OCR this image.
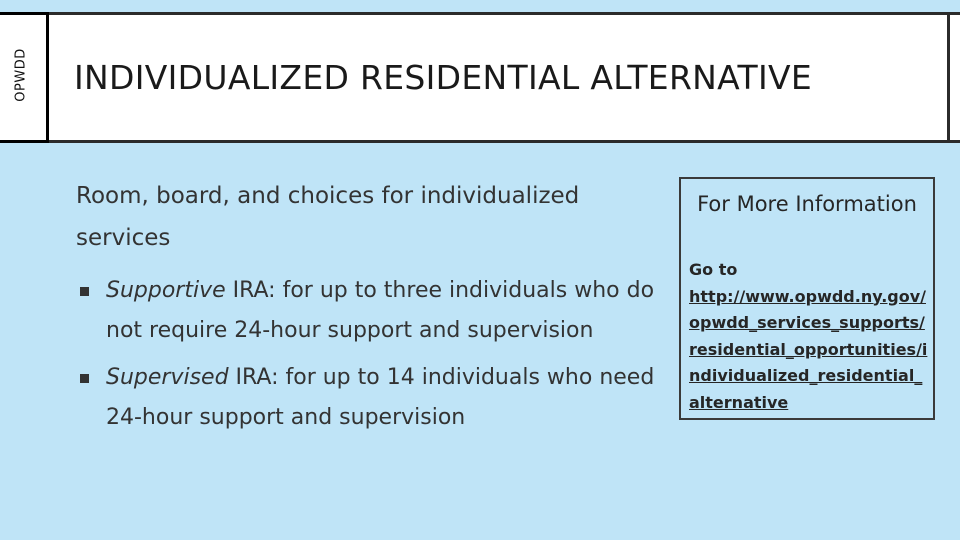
OPWDD INDIVIDUALIZED RESIDENTIAL ALTERNATIVE

Room, board, and choices for individualized services

Supportive IRA: for up to three individuals who do not require 24-hour support and supervision
Supervised IRA: for up to 14 individuals who need 24-hour support and supervision
For More Information
Go to
http://www.opwdd.ny.gov/opwdd_services_supports/residential_opportunities/individualized_residential_alternative
